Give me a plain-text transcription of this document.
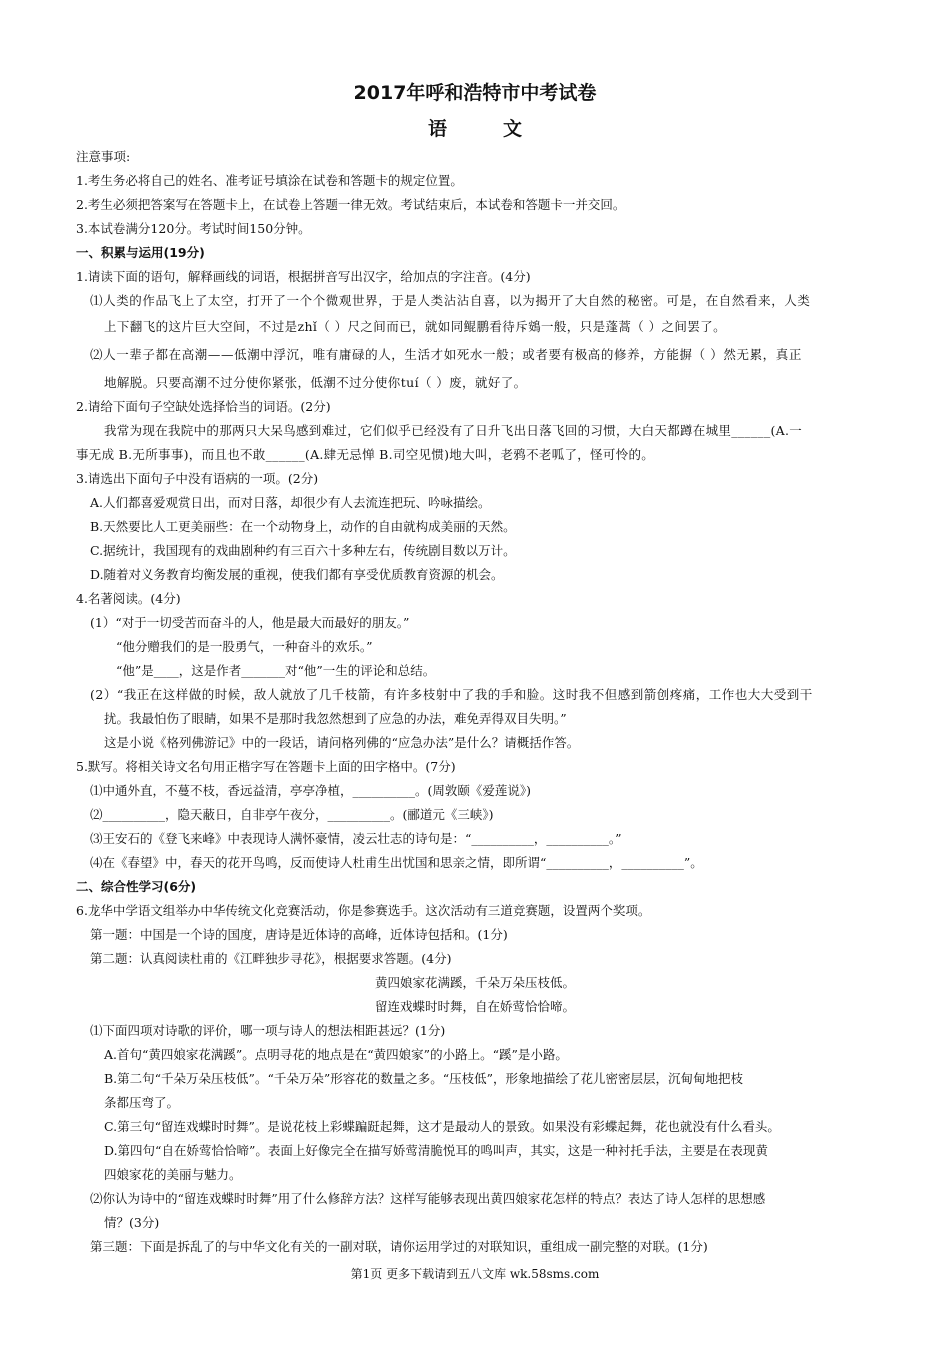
2017年呼和浩特市中考试卷
语	文
注意事项:
1.考生务必将自己的姓名、准考证号填涂在试卷和答题卡的规定位置。
2.考生必须把答案写在答题卡上，在试卷上答题一律无效。考试结束后，本试卷和答题卡一并交回。
3.本试卷满分120分。考试时间150分钟。
一、积累与运用(19分)
1.请读下面的语句，解释画线的词语，根据拼音写出汉字，给加点的字注音。(4分)
⑴人类的作品飞上了太空，打开了一个个微观世界，于是人类沾沾自喜，以为揭开了大自然的秘密。可是，在自然看来，人类
上下翻飞的这片巨大空间，不过是zhǐ（ ）尺之间而已，就如同鲲鹏看待斥鴳一般，只是蓬蒿（ ）之间罢了。
⑵人一辈子都在高潮——低潮中浮沉，唯有庸碌的人，生活才如死水一般；或者要有极高的修养，方能摒（ ）然无累，真正
地解脱。只要高潮不过分使你紧张，低潮不过分使你tuí（ ）废，就好了。
2.请给下面句子空缺处选择恰当的词语。(2分)
我常为现在我院中的那两只大呆鸟感到难过，它们似乎已经没有了日升飞出日落飞回的习惯，大白天都蹲在城里______(A.一
事无成 B.无所事事)，而且也不敢______(A.肆无忌惮 B.司空见惯)地大叫，老鸦不老呱了，怪可怜的。
3.请选出下面句子中没有语病的一项。(2分)
A.人们都喜爱观赏日出，而对日落，却很少有人去流连把玩、吟咏描绘。
B.天然要比人工更美丽些：在一个动物身上，动作的自由就构成美丽的天然。
C.据统计，我国现有的戏曲剧种约有三百六十多种左右，传统剧目数以万计。
D.随着对义务教育均衡发展的重视，使我们都有享受优质教育资源的机会。
4.名著阅读。(4分)
(1）“对于一切受苦而奋斗的人，他是最大而最好的朋友。”
“他分赠我们的是一股勇气，一种奋斗的欢乐。”
“他”是____，这是作者_______对“他”一生的评论和总结。
(2）“我正在这样做的时候，敌人就放了几千枝箭，有许多枝射中了我的手和脸。这时我不但感到箭创疼痛，工作也大大受到干
扰。我最怕伤了眼睛，如果不是那时我忽然想到了应急的办法，难免弄得双目失明。”
这是小说《格列佛游记》中的一段话，请问格列佛的“应急办法”是什么？请概括作答。
5.默写。将相关诗文名句用正楷字写在答题卡上面的田字格中。(7分)
⑴中通外直，不蔓不枝，香远益清，亭亭净植，__________。(周敦颐《爱莲说》)
⑵__________，隐天蔽日，自非亭午夜分，__________。(郦道元《三峡》)
⑶王安石的《登飞来峰》中表现诗人满怀豪情，凌云壮志的诗句是：“__________，__________。”
⑷在《春望》中，春天的花开鸟鸣，反而使诗人杜甫生出忧国和思亲之情，即所谓“__________，__________”。
二、综合性学习(6分)
6.龙华中学语文组举办中华传统文化竞赛活动，你是参赛选手。这次活动有三道竞赛题，设置两个奖项。
第一题：中国是一个诗的国度，唐诗是近体诗的高峰，近体诗包括和。(1分)
第二题：认真阅读杜甫的《江畔独步寻花》，根据要求答题。(4分)
黄四娘家花满蹊，千朵万朵压枝低。
留连戏蝶时时舞，自在娇莺恰恰啼。
⑴下面四项对诗歌的评价，哪一项与诗人的想法相距甚远？(1分)
A.首句“黄四娘家花满蹊”。点明寻花的地点是在“黄四娘家”的小路上。“蹊”是小路。
B.第二句“千朵万朵压枝低”。“千朵万朵”形容花的数量之多。“压枝低”，形象地描绘了花儿密密层层，沉甸甸地把枝
条都压弯了。
C.第三句“留连戏蝶时时舞”。是说花枝上彩蝶蹁跹起舞，这才是最动人的景致。如果没有彩蝶起舞，花也就没有什么看头。
D.第四句“自在娇莺恰恰啼”。表面上好像完全在描写娇莺清脆悦耳的鸣叫声，其实，这是一种衬托手法，主要是在表现黄
四娘家花的美丽与魅力。
⑵你认为诗中的“留连戏蝶时时舞”用了什么修辞方法？这样写能够表现出黄四娘家花怎样的特点？表达了诗人怎样的思想感
情？(3分)
第三题：下面是拆乱了的与中华文化有关的一副对联，请你运用学过的对联知识，重组成一副完整的对联。(1分)
第1页 更多下载请到五八文库 wk.58sms.com
